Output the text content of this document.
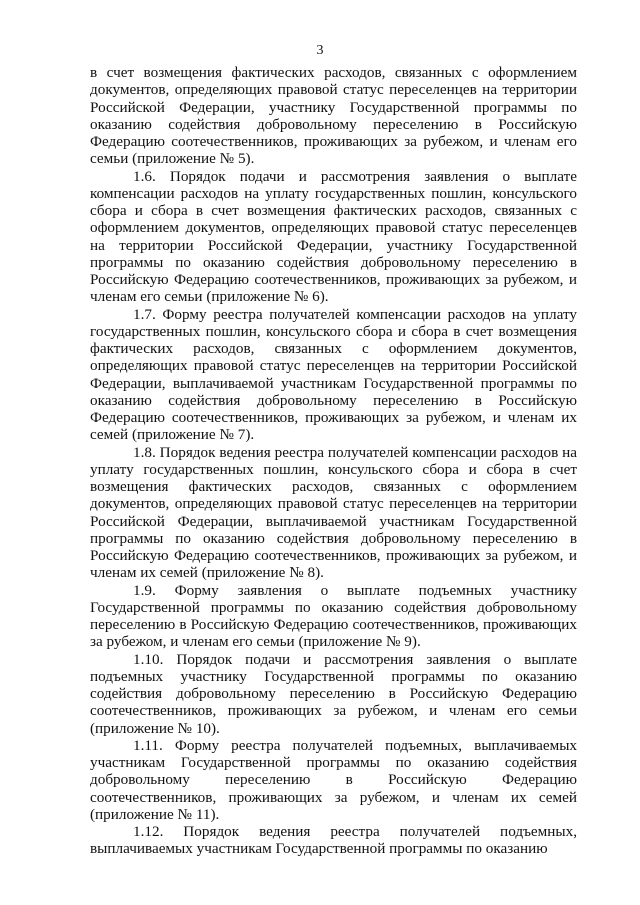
3

в счет возмещения фактических расходов, связанных с оформлением документов, определяющих правовой статус переселенцев на территории Российской Федерации, участнику Государственной программы по оказанию содействия добровольному переселению в Российскую Федерацию соотечественников, проживающих за рубежом, и членам его семьи (приложение № 5).

1.6. Порядок подачи и рассмотрения заявления о выплате компенсации расходов на уплату государственных пошлин, консульского сбора и сбора в счет возмещения фактических расходов, связанных с оформлением документов, определяющих правовой статус переселенцев на территории Российской Федерации, участнику Государственной программы по оказанию содействия добровольному переселению в Российскую Федерацию соотечественников, проживающих за рубежом, и членам его семьи (приложение № 6).

1.7. Форму реестра получателей компенсации расходов на уплату государственных пошлин, консульского сбора и сбора в счет возмещения фактических расходов, связанных с оформлением документов, определяющих правовой статус переселенцев на территории Российской Федерации, выплачиваемой участникам Государственной программы по оказанию содействия добровольному переселению в Российскую Федерацию соотечественников, проживающих за рубежом, и членам их семей (приложение № 7).

1.8. Порядок ведения реестра получателей компенсации расходов на уплату государственных пошлин, консульского сбора и сбора в счет возмещения фактических расходов, связанных с оформлением документов, определяющих правовой статус переселенцев на территории Российской Федерации, выплачиваемой участникам Государственной программы по оказанию содействия добровольному переселению в Российскую Федерацию соотечественников, проживающих за рубежом, и членам их семей (приложение № 8).

1.9. Форму заявления о выплате подъемных участнику Государственной программы по оказанию содействия добровольному переселению в Российскую Федерацию соотечественников, проживающих за рубежом, и членам его семьи (приложение № 9).

1.10. Порядок подачи и рассмотрения заявления о выплате подъемных участнику Государственной программы по оказанию содействия добровольному переселению в Российскую Федерацию соотечественников, проживающих за рубежом, и членам его семьи (приложение № 10).

1.11. Форму реестра получателей подъемных, выплачиваемых участникам Государственной программы по оказанию содействия добровольному переселению в Российскую Федерацию соотечественников, проживающих за рубежом, и членам их семей (приложение № 11).

1.12. Порядок ведения реестра получателей подъемных, выплачиваемых участникам Государственной программы по оказанию
